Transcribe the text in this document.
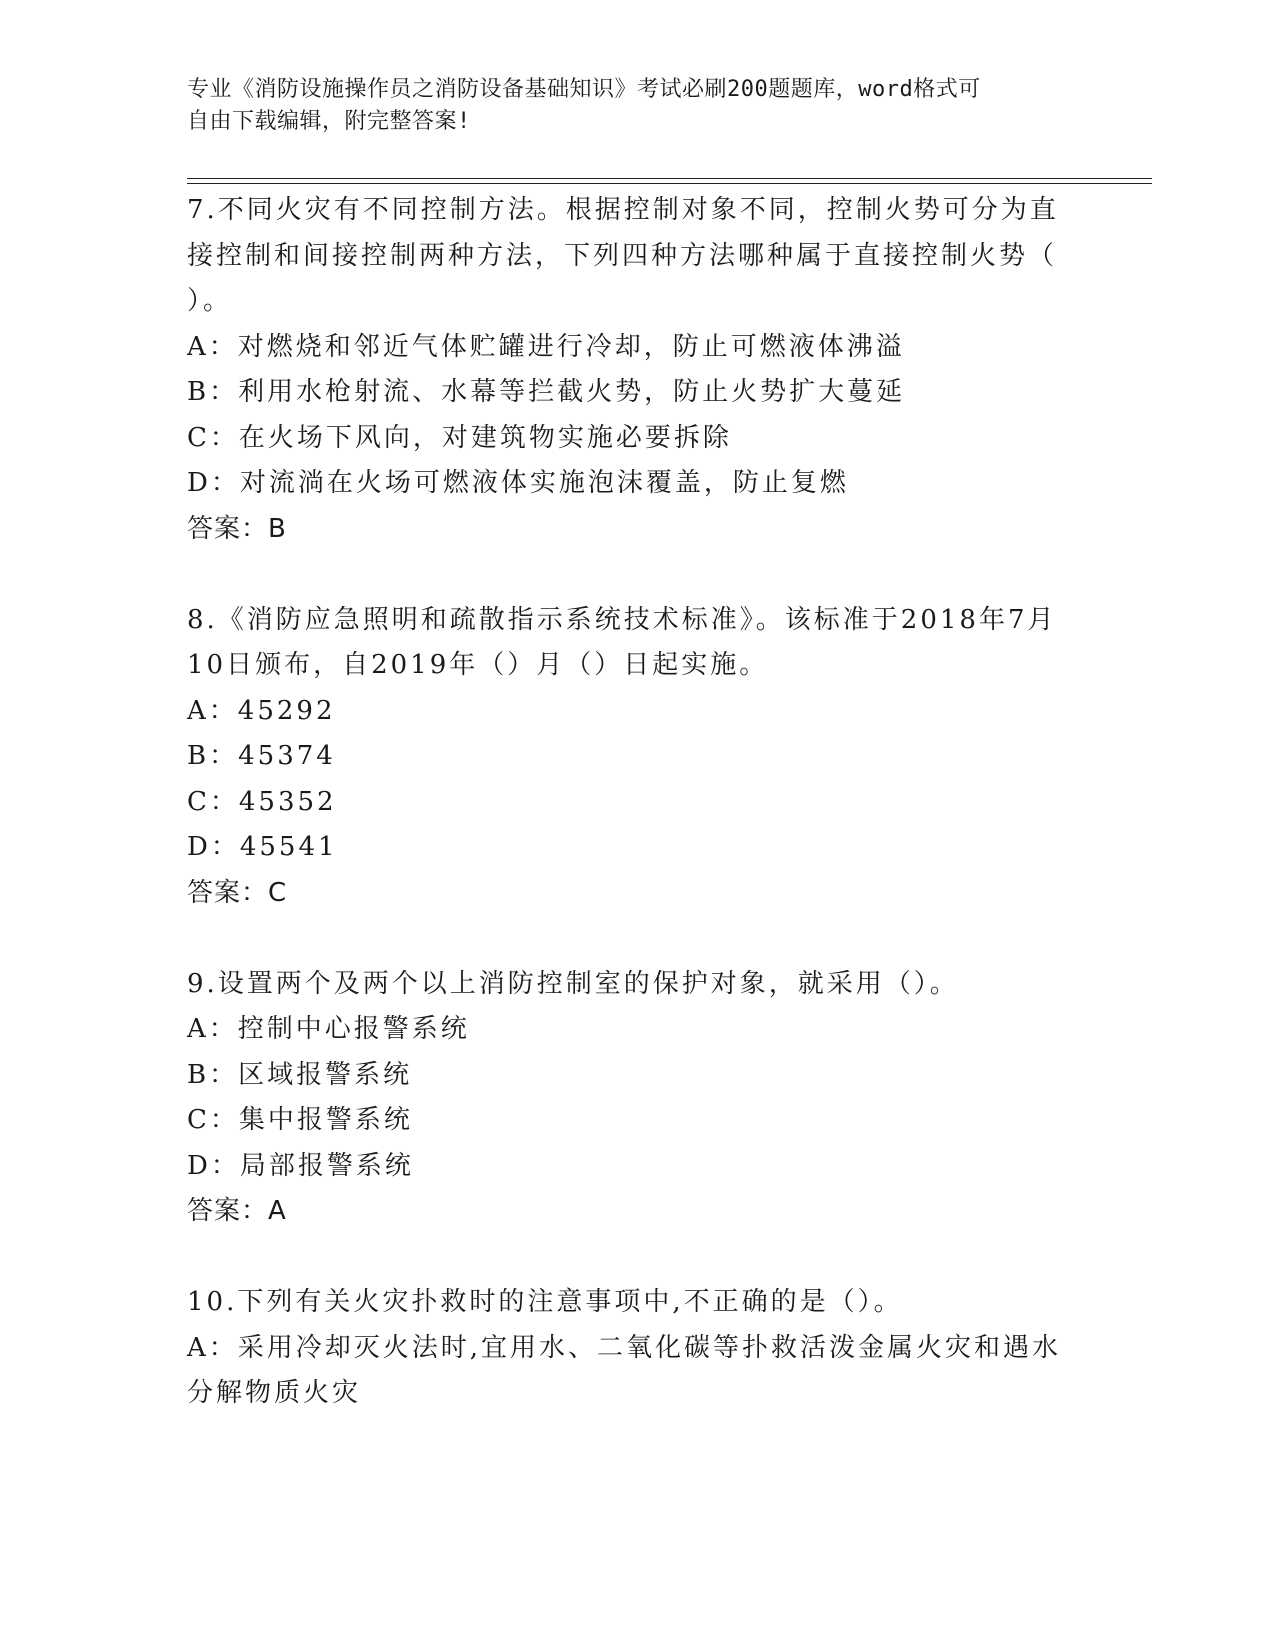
专业《消防设施操作员之消防设备基础知识》考试必刷200题题库，word格式可
自由下载编辑，附完整答案!
7.不同火灾有不同控制方法。根据控制对象不同，控制火势可分为直
接控制和间接控制两种方法，下列四种方法哪种属于直接控制火势（
）。
A：对燃烧和邻近气体贮罐进行冷却，防止可燃液体沸溢
B：利用水枪射流、水幕等拦截火势，防止火势扩大蔓延
C：在火场下风向，对建筑物实施必要拆除
D：对流淌在火场可燃液体实施泡沫覆盖，防止复燃
答案：B
8.《消防应急照明和疏散指示系统技术标准》。该标准于2018年7月
10日颁布，自2019年（）月（）日起实施。
A：45292
B：45374
C：45352
D：45541
答案：C
9.设置两个及两个以上消防控制室的保护对象，就采用（）。
A：控制中心报警系统
B：区域报警系统
C：集中报警系统
D：局部报警系统
答案：A
10.下列有关火灾扑救时的注意事项中,不正确的是（）。
A：采用冷却灭火法时,宜用水、二氧化碳等扑救活泼金属火灾和遇水
分解物质火灾
